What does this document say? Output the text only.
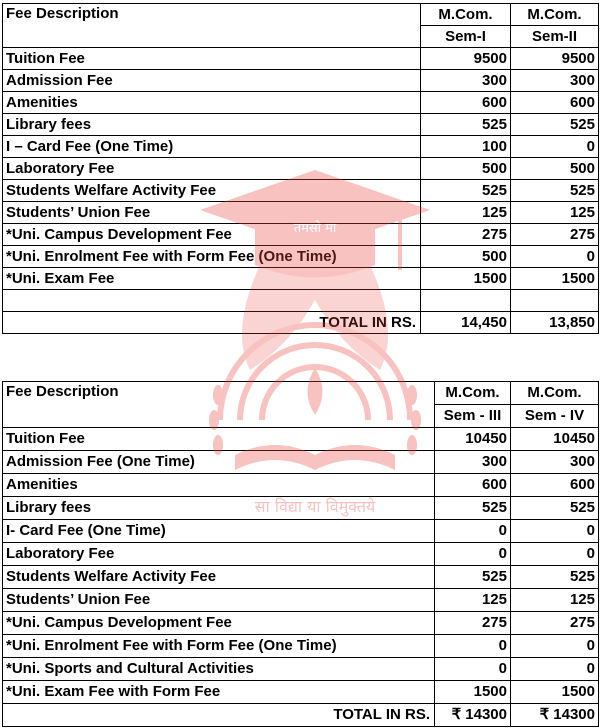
Fee Description	M.Com.	M.Com.
	Sem-I	Sem-II
Tuition Fee	9500	9500
Admission Fee	300	300
Amenities	600	600
Library fees	525	525
I – Card Fee (One Time)	100	0
Laboratory Fee	500	500
Students Welfare Activity Fee	525	525
Students’ Union Fee	125	125
*Uni. Campus Development Fee	275	275
*Uni. Enrolment Fee with Form Fee (One Time)	500	0
*Uni. Exam Fee	1500	1500

TOTAL IN RS.	14,450	13,850
Fee Description	M.Com.	M.Com.
	Sem - III	Sem - IV
Tuition Fee	10450	10450
Admission Fee (One Time)	300	300
Amenities	600	600
Library fees	525	525
I- Card Fee (One Time)	0	0
Laboratory Fee	0	0
Students Welfare Activity Fee	525	525
Students’ Union Fee	125	125
*Uni. Campus Development Fee	275	275
*Uni. Enrolment Fee with Form Fee (One Time)	0	0
*Uni. Sports and Cultural Activities	0	0
*Uni. Exam Fee with Form Fee	1500	1500
TOTAL IN RS.	₹ 14300	₹ 14300
तमसो मा
सा विद्या या विमुक्तये
